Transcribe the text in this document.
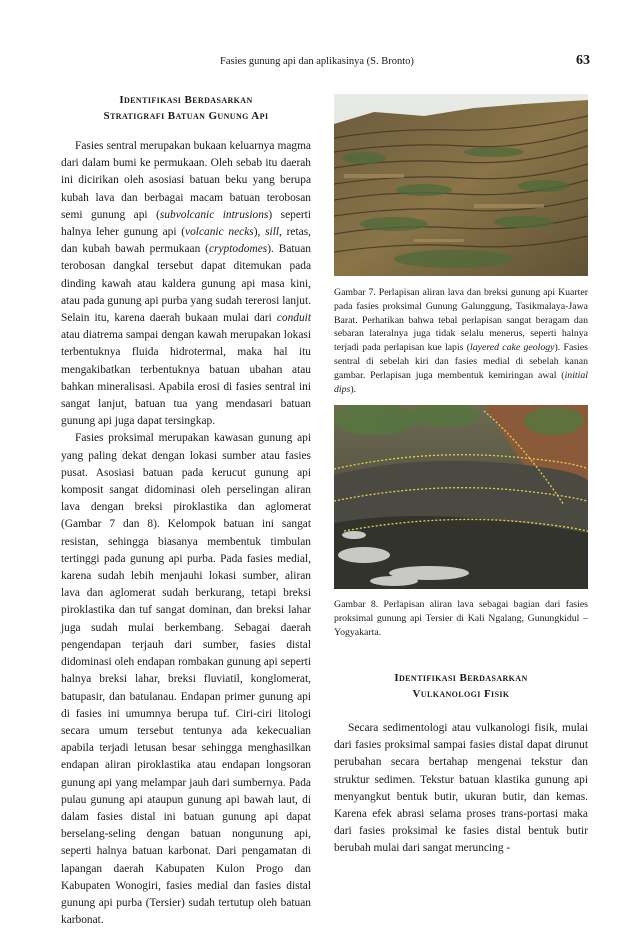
Fasies gunung api dan aplikasinya (S. Bronto)	63
Identifikasi Berdasarkan
Stratigrafi Batuan Gunung Api

Fasies sentral merupakan bukaan keluarnya magma dari dalam bumi ke permukaan. Oleh sebab itu daerah ini dicirikan oleh asosiasi batuan beku yang berupa kubah lava dan berbagai macam batuan terobosan semi gunung api (subvolcanic intrusions) seperti halnya leher gunung api (volcanic necks), sill, retas, dan kubah bawah permukaan (cryptodomes). Batuan terobosan dangkal tersebut dapat ditemukan pada dinding kawah atau kaldera gunung api masa kini, atau pada gunung api purba yang sudah tererosi lanjut. Selain itu, karena daerah bukaan mulai dari conduit atau diatrema sampai dengan kawah merupakan lokasi terbentuknya fluida hidrotermal, maka hal itu mengakibatkan terbentuknya batuan ubahan atau bahkan mineralisasi. Apabila erosi di fasies sentral ini sangat lanjut, batuan tua yang mendasari batuan gunung api juga dapat tersingkap.

Fasies proksimal merupakan kawasan gunung api yang paling dekat dengan lokasi sumber atau fasies pusat. Asosiasi batuan pada kerucut gunung api komposit sangat didominasi oleh perselingan aliran lava dengan breksi piroklastika dan aglomerat (Gambar 7 dan 8). Kelompok batuan ini sangat resistan, sehingga biasanya membentuk timbulan tertinggi pada gunung api purba. Pada fasies medial, karena sudah lebih menjauhi lokasi sumber, aliran lava dan aglomerat sudah berkurang, tetapi breksi piroklastika dan tuf sangat dominan, dan breksi lahar juga sudah mulai berkembang. Sebagai daerah pengendapan terjauh dari sumber, fasies distal didominasi oleh endapan rombakan gunung api seperti halnya breksi lahar, breksi fluviatil, konglomerat, batupasir, dan batulanau. Endapan primer gunung api di fasies ini umumnya berupa tuf. Ciri-ciri litologi secara umum tersebut tentunya ada kekecualian apabila terjadi letusan besar sehingga menghasilkan endapan aliran piroklastika atau endapan longsoran gunung api yang melampar jauh dari sumbernya. Pada pulau gunung api ataupun gunung api bawah laut, di dalam fasies distal ini batuan gunung api dapat berselang-seling dengan batuan nongunung api, seperti halnya batuan karbonat. Dari pengamatan di lapangan daerah Kabupaten Kulon Progo dan Kabupaten Wonogiri, fasies medial dan fasies distal gunung api purba (Tersier) sudah tertutup oleh batuan karbonat.

Gambar 7. Perlapisan aliran lava dan breksi gunung api Kuarter pada fasies proksimal Gunung Galunggung, Tasikmalaya-Jawa Barat. Perhatikan bahwa tebal perlapisan sangat beragam dan sebaran lateralnya juga tidak selalu menerus, seperti halnya terjadi pada perlapisan kue lapis (layered cake geology). Fasies sentral di sebelah kiri dan fasies medial di sebelah kanan gambar. Perlapisan juga membentuk kemiringan awal (initial dips).

Gambar 8. Perlapisan aliran lava sebagai bagian dari fasies proksimal gunung api Tersier di Kali Ngalang, Gunungkidul – Yogyakarta.

Identifikasi Berdasarkan
Vulkanologi Fisik

Secara sedimentologi atau vulkanologi fisik, mulai dari fasies proksimal sampai fasies distal dapat dirunut perubahan secara bertahap mengenai tekstur dan struktur sedimen. Tekstur batuan klastika gunung api menyangkut bentuk butir, ukuran butir, dan kemas. Karena efek abrasi selama proses trans-portasi maka dari fasies proksimal ke fasies distal bentuk butir berubah mulai dari sangat meruncing -
